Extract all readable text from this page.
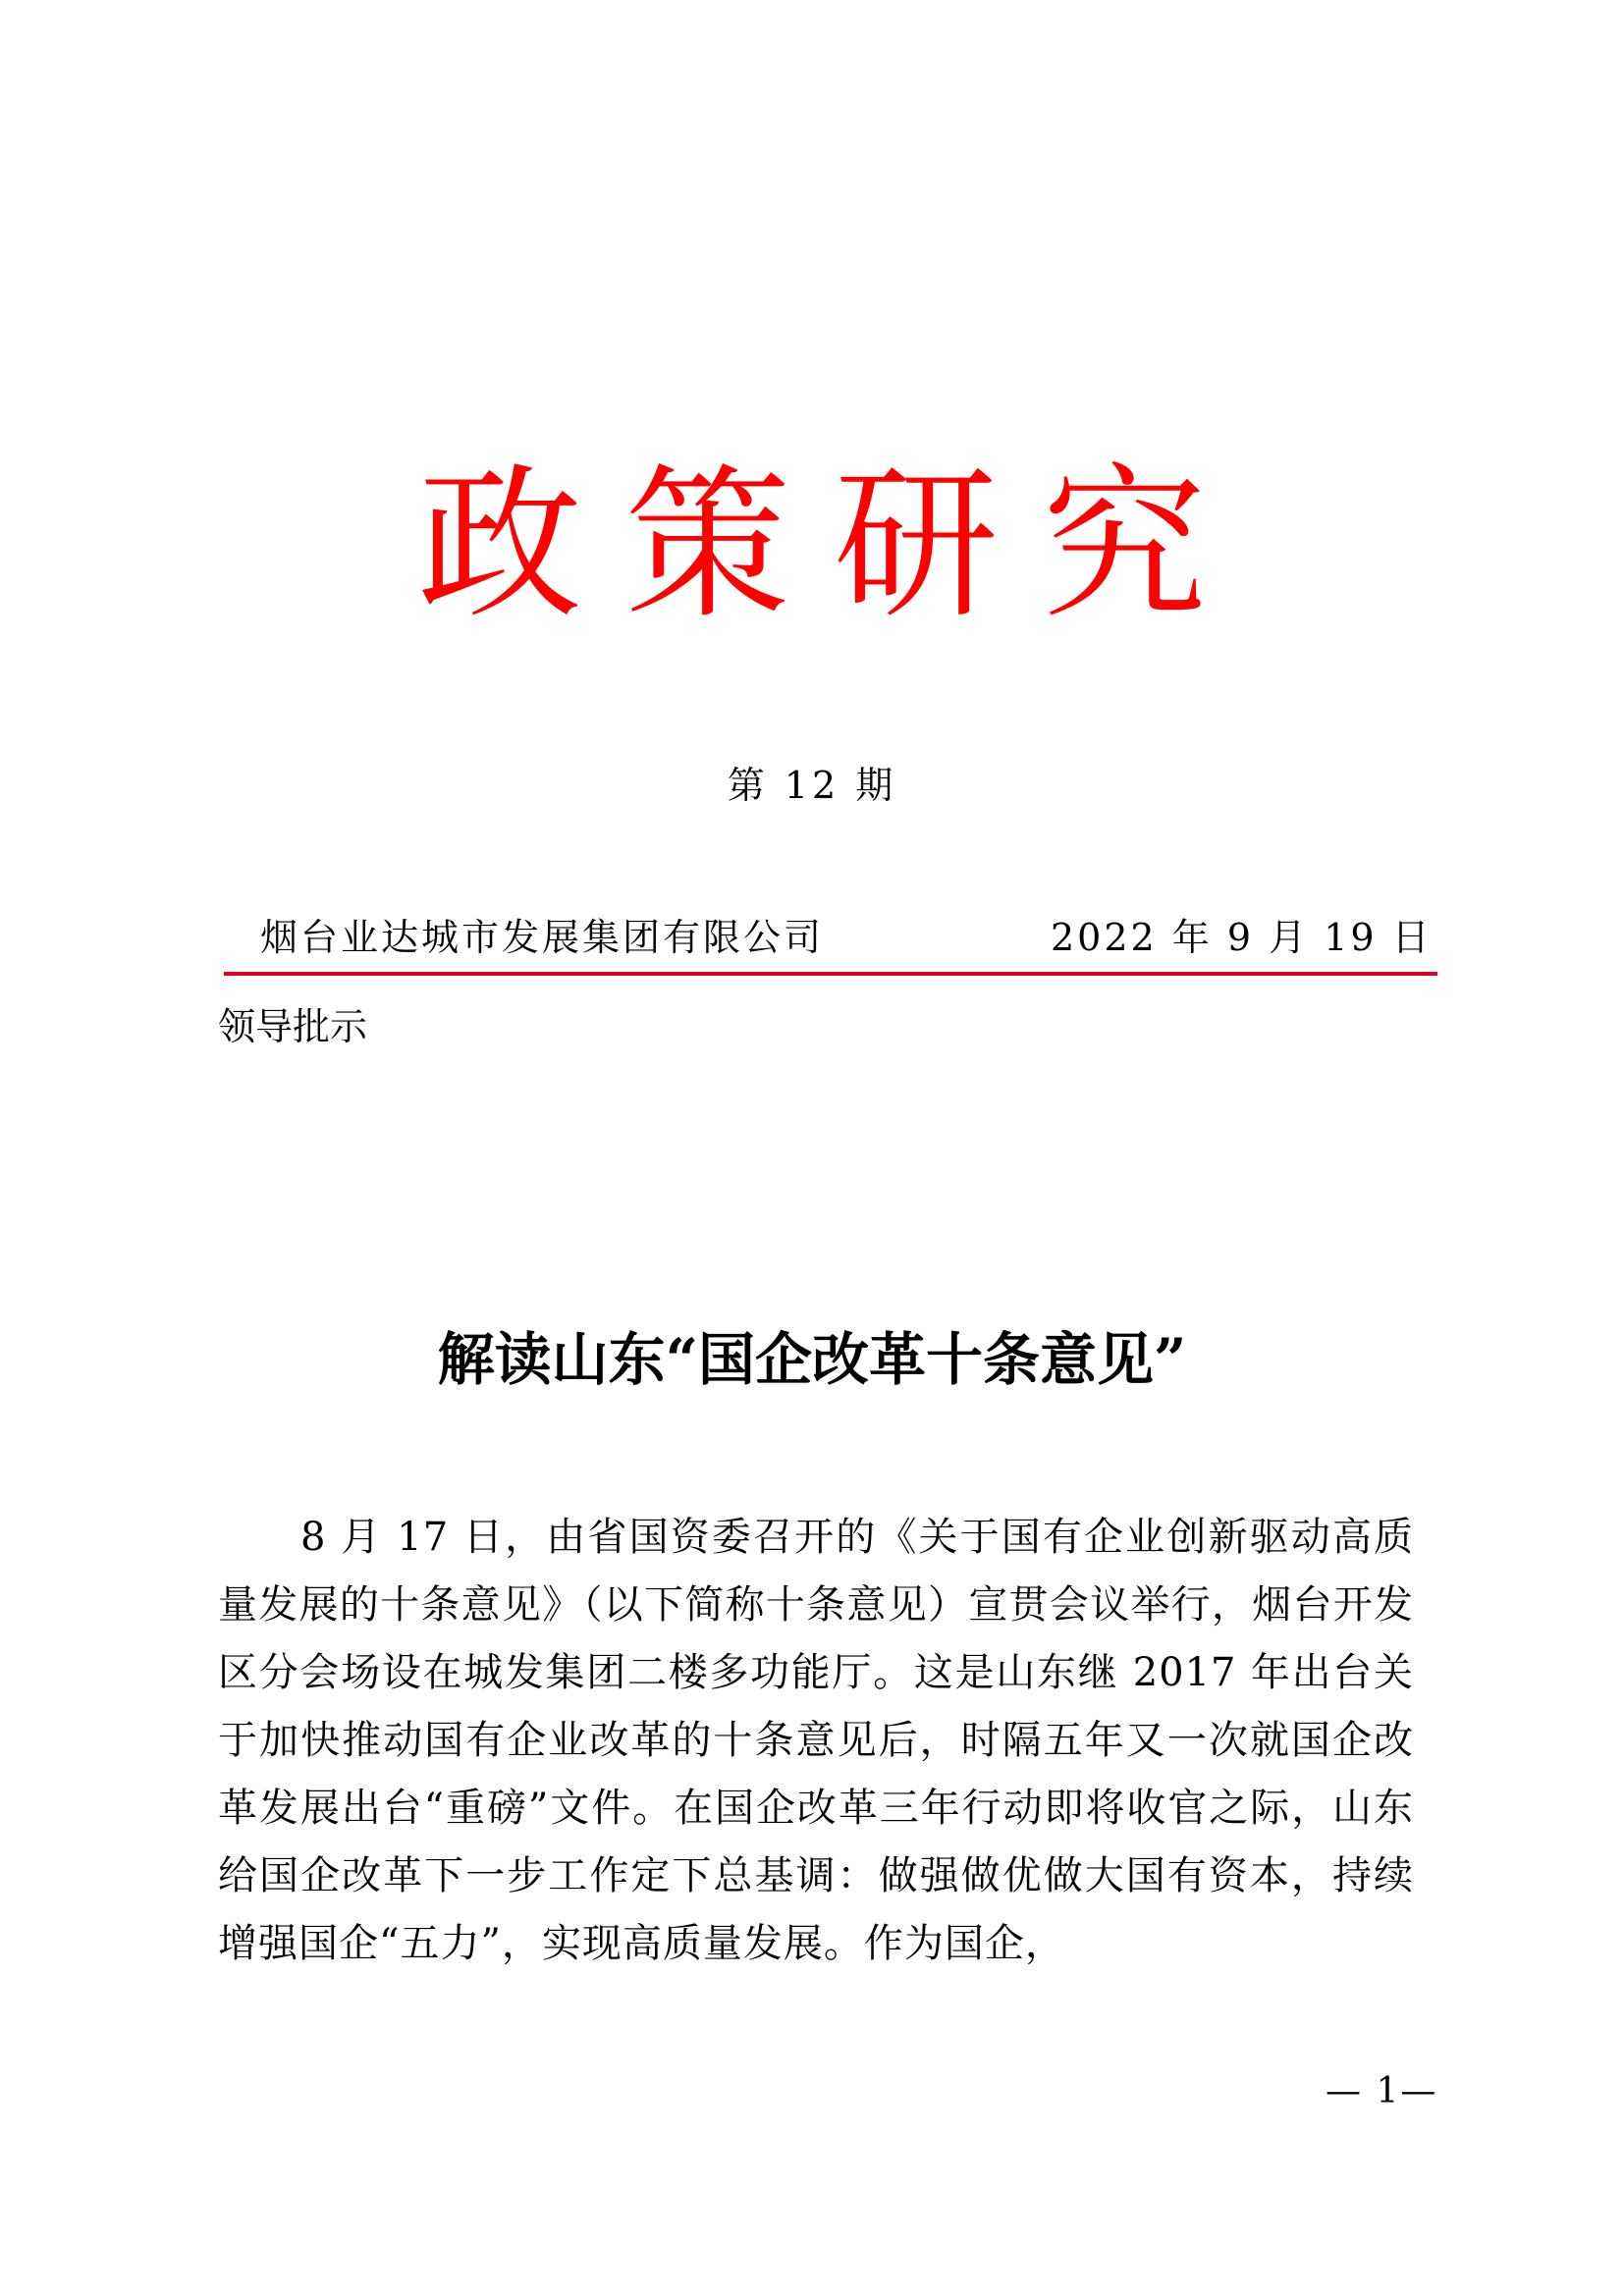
政策研究
第 12 期
烟台业达城市发展集团有限公司	2022 年 9 月 19 日
领导批示
解读山东“国企改革十条意见”

8 月 17 日，由省国资委召开的《关于国有企业创新驱动高质量发展的十条意见》（以下简称十条意见）宣贯会议举行，烟台开发区分会场设在城发集团二楼多功能厅。这是山东继 2017 年出台关于加快推动国有企业改革的十条意见后，时隔五年又一次就国企改革发展出台“重磅”文件。在国企改革三年行动即将收官之际，山东给国企改革下一步工作定下总基调：做强做优做大国有资本，持续增强国企“五力”，实现高质量发展。作为国企，

— 1—
